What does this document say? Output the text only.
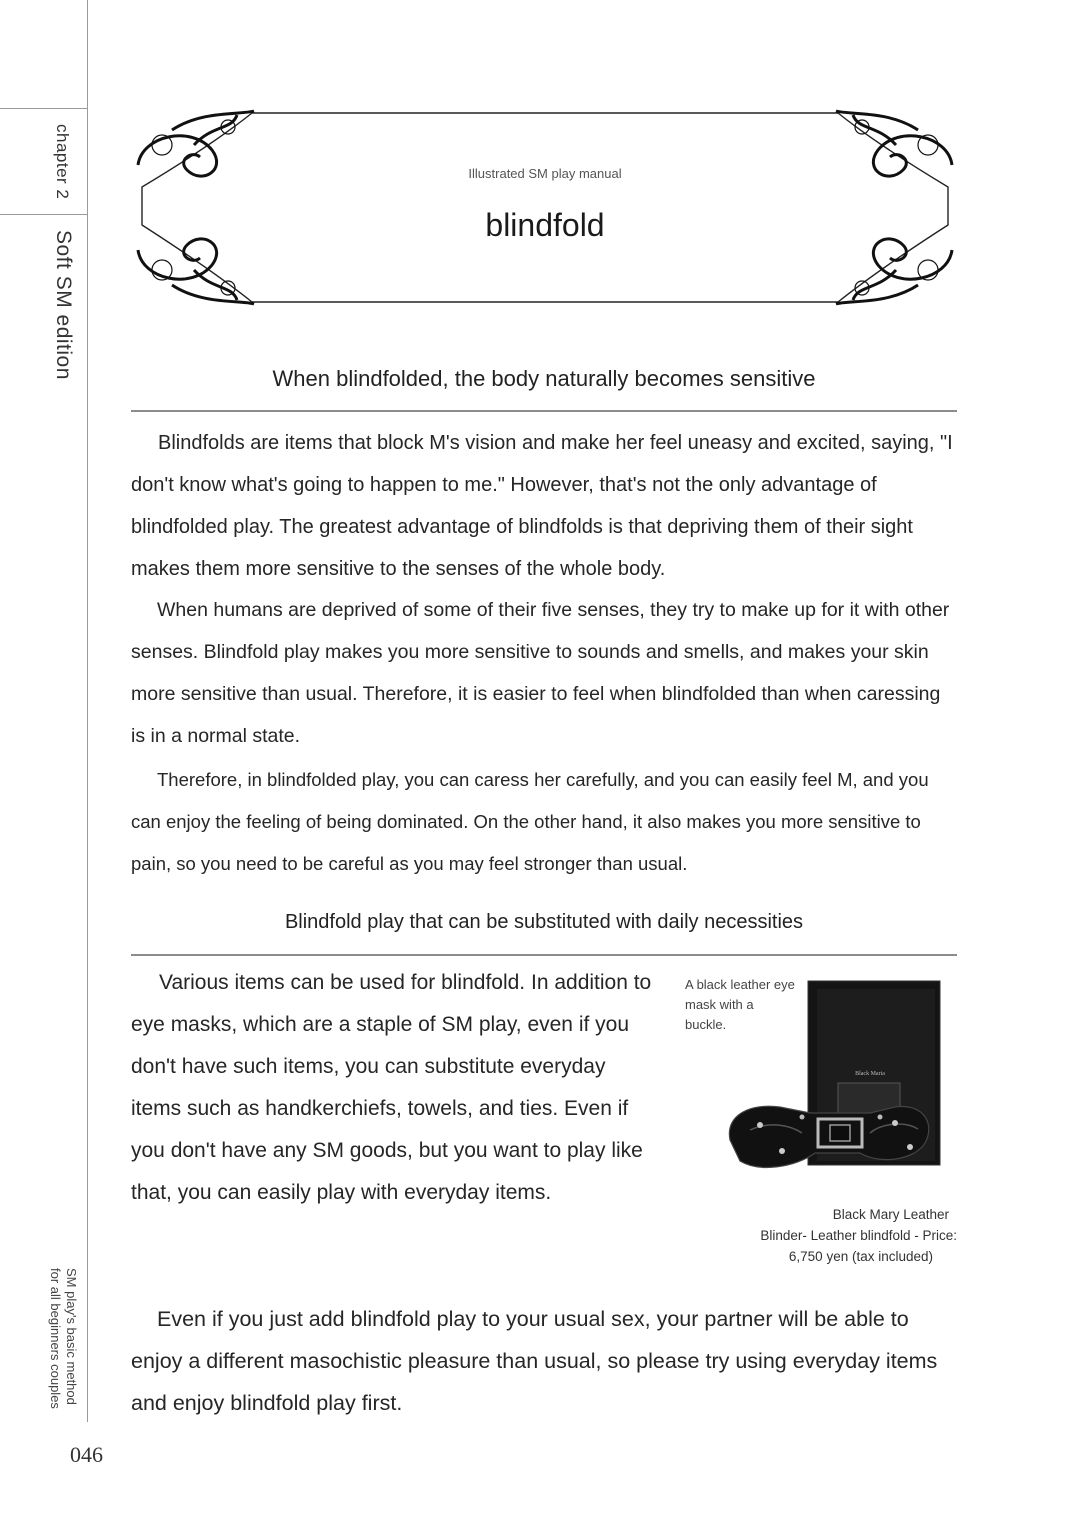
chapter 2
Soft SM edition
SM play's basic method
for all beginners couples
046
Illustrated SM play manual
blindfold
When blindfolded, the body naturally becomes sensitive

Blindfolds are items that block M's vision and make her feel uneasy and excited, saying, "I don't know what's going to happen to me." However, that's not the only advantage of blindfolded play. The greatest advantage of blindfolds is that depriving them of their sight makes them more sensitive to the senses of the whole body.

When humans are deprived of some of their five senses, they try to make up for it with other senses. Blindfold play makes you more sensitive to sounds and smells, and makes your skin more sensitive than usual. Therefore, it is easier to feel when blindfolded than when caressing is in a normal state.

Therefore, in blindfolded play, you can caress her carefully, and you can easily feel M, and you can enjoy the feeling of being dominated. On the other hand, it also makes you more sensitive to pain, so you need to be careful as you may feel stronger than usual.

Blindfold play that can be substituted with daily necessities

Various items can be used for blindfold. In addition to eye masks, which are a staple of SM play, even if you don't have such items, you can substitute everyday items such as handkerchiefs, towels, and ties. Even if you don't have any SM goods, but you want to play like that, you can easily play with everyday items.

A black leather eye mask with a buckle.
Black Maria
Black Mary Leather
Blinder- Leather blindfold - Price:
6,750 yen (tax included)

Even if you just add blindfold play to your usual sex, your partner will be able to enjoy a different masochistic pleasure than usual, so please try using everyday items and enjoy blindfold play first.
